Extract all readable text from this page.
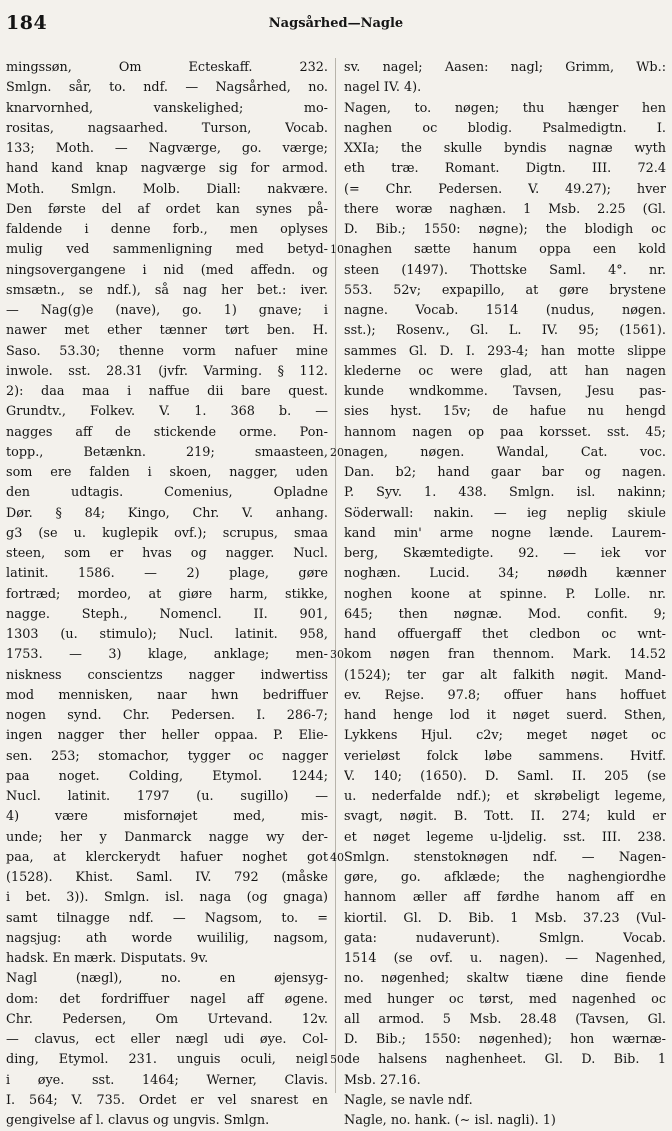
184	Nagsårhed—Nagle
mingssøn, Om Ecteskaff. 232.
Smlgn. sår, to. ndf. — Nagsårhed, no.
knarvornhed, vanskelighed; mo-
rositas, nagsaarhed. Turson, Vocab.
133; Moth. — Nagværge, go. værge;
hand kand knap nagværge sig for armod.
Moth. Smlgn. Molb. Diall: nakvære.
Den første del af ordet kan synes på-
faldende i denne forb., men oplyses
mulig ved sammenligning med betyd-
ningsovergangene i nid (med affedn. og
smsætn., se ndf.), så nag her bet.: iver.
— Nag(g)e (nave), go. 1) gnave; i
nawer met ether tænner tørt ben. H.
Saso. 53.30; thenne vorm nafuer mine
inwole. sst. 28.31 (jvfr. Varming. § 112.
2): daa maa i naffue dii bare quest.
Grundtv., Folkev. V. 1. 368 b. —
nagges aff de stickende orme. Pon-
topp., Betænkn. 219; smaasteen,
som ere falden i skoen, nagger, uden
den udtagis. Comenius, Opladne
Dør. § 84; Kingo, Chr. V. anhang.
g3 (se u. kuglepik ovf.); scrupus, smaa
steen, som er hvas og nagger. Nucl.
latinit. 1586. — 2) plage, gøre
fortræd; mordeo, at giøre harm, stikke,
nagge. Steph., Nomencl. II. 901,
1303 (u. stimulo); Nucl. latinit. 958,
1753. — 3) klage, anklage; men-
niskness conscientzs nagger indwertiss
mod mennisken, naar hwn bedriffuer
nogen synd. Chr. Pedersen. I. 286-7;
ingen nagger ther heller oppaa. P. Elie-
sen. 253; stomachor, tygger oc nagger
paa noget. Colding, Etymol. 1244;
Nucl. latinit. 1797 (u. sugillo) —
4) være misfornøjet med, mis-
unde; her y Danmarck nagge wy der-
paa, at klerckerydt hafuer noghet got
(1528). Khist. Saml. IV. 792 (måske
i bet. 3)). Smlgn. isl. naga (og gnaga)
samt tilnagge ndf. — Nagsom, to. =
nagsjug: ath worde wuililig, nagsom,
hadsk. En mærk. Disputats. 9v.
Nagl (nægl), no. en øjensyg-
dom: det fordriffuer nagel aff øgene.
Chr. Pedersen, Om Urtevand. 12v.
— clavus, ect eller nægl udi øye. Col-
ding, Etymol. 231. unguis oculi, neigl
i øye. sst. 1464; Werner, Clavis.
I. 564; V. 735. Ordet er vel snarest en
gengivelse af l. clavus og ungvis. Smlgn.
10
20
30
40
50
sv. nagel; Aasen: nagl; Grimm, Wb.:
nagel IV. 4).
Nagen, to. nøgen; thu hænger hen
naghen oc blodig. Psalmedigtn. I.
XXIa; the skulle byndis nagnæ wyth
eth træ. Romant. Digtn. III. 72.4
(= Chr. Pedersen. V. 49.27); hver
there woræ naghæn. 1 Msb. 2.25 (Gl.
D. Bib.; 1550: nøgne); the blodigh oc
naghen sætte hanum oppa een kold
steen (1497). Thottske Saml. 4°. nr.
553. 52v; expapillo, at gøre brystene
nagne. Vocab. 1514 (nudus, nøgen.
sst.); Rosenv., Gl. L. IV. 95; (1561).
sammes Gl. D. I. 293-4; han motte slippe
klederne oc were glad, att han nagen
kunde wndkomme. Tavsen, Jesu pas-
sies hyst. 15v; de hafue nu hengd
hannom nagen op paa korsset. sst. 45;
nagen, nøgen. Wandal, Cat. voc.
Dan. b2; hand gaar bar og nagen.
P. Syv. 1. 438. Smlgn. isl. nakinn;
Söderwall: nakin. — ieg neplig skiule
kand min' arme nogne lænde. Laurem-
berg, Skæmtedigte. 92. — iek vor
noghæn. Lucid. 34; nøødh kænner
noghen koone at spinne. P. Lolle. nr.
645; then nøgnæ. Mod. confit. 9;
hand offuergaff thet cledbon oc wnt-
kom nøgen fran thennom. Mark. 14.52
(1524); ter gar alt falkith nøgit. Mand-
ev. Rejse. 97.8; offuer hans hoffuet
hand henge lod it nøget suerd. Sthen,
Lykkens Hjul. c2v; meget nøget oc
verieløst folck løbe sammens. Hvitf.
V. 140; (1650). D. Saml. II. 205 (se
u. nederfalde ndf.); et skrøbeligt legeme,
svagt, nøgit. B. Tott. II. 274; kuld er
et nøget legeme u-ljdelig. sst. III. 238.
Smlgn. stenstoknøgen ndf. — Nagen-
gøre, go. afklæde; the naghengiordhe
hannom æller aff førdhe hanom aff en
kiortil. Gl. D. Bib. 1 Msb. 37.23 (Vul-
gata: nudaverunt). Smlgn. Vocab.
1514 (se ovf. u. nagen). — Nagenhed,
no. nøgenhed; skaltw tiæne dine fiende
med hunger oc tørst, med nagenhed oc
all armod. 5 Msb. 28.48 (Tavsen, Gl.
D. Bib.; 1550: nøgenhed); hon wærnæ-
de halsens naghenheet. Gl. D. Bib. 1
Msb. 27.16.
Nagle, se navle ndf.
Nagle, no. hank. (∼ isl. nagli). 1)
